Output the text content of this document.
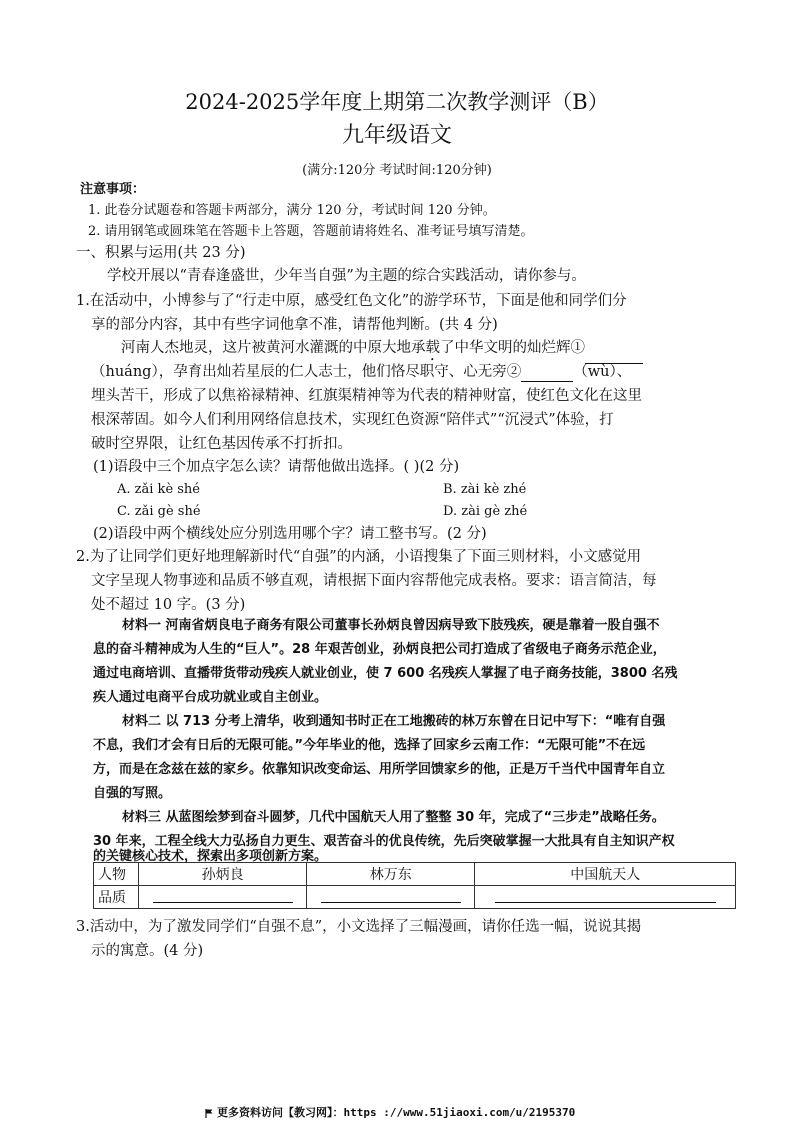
2024-2025学年度上期第二次教学测评（B）
九年级语文
(满分:120分 考试时间:120分钟)
注意事项：
1. 此卷分试题卷和答题卡两部分，满分 120 分，考试时间 120 分钟。
2. 请用钢笔或圆珠笔在答题卡上答题，答题前请将姓名、准考证号填写清楚。
一、积累与运用(共 23 分)
学校开展以“青春逢盛世，少年当自强”为主题的综合实践活动，请你参与。
1.在活动中，小博参与了“行走中原，感受红色文化”的游学环节，下面是他和同学们分
享的部分内容，其中有些字词他拿不准，请帮他判断。(共 4 分)
河南人杰地灵，这片被黄河水灌溉的中原大地承载了中华文明的灿烂辉①
（huáng），孕育出灿若星辰的仁人志士，他们恪尽职守、心无旁②	（wù）、
埋头苦干，形成了以焦裕禄精神、红旗渠精神等为代表的精神财富，使红色文化在这里
根深蒂固。如今人们利用网络信息技术，实现红色资源“陪伴式”“沉浸式”体验，打
破时空界限，让红色基因传承不打折扣。
(1)语段中三个加点字怎么读？请帮他做出选择。( )(2 分)
A. zǎi kè shé	B. zài kè zhé
C. zǎi gè shé	D. zài gè zhé
(2)语段中两个横线处应分别选用哪个字？请工整书写。(2 分)
2.为了让同学们更好地理解新时代“自强”的内涵，小语搜集了下面三则材料，小文感觉用
文字呈现人物事迹和品质不够直观，请根据下面内容帮他完成表格。要求：语言简洁，每
处不超过 10 字。(3 分)
材料一 河南省炳良电子商务有限公司董事长孙炳良曾因病导致下肢残疾，硬是靠着一股自强不
息的奋斗精神成为人生的“巨人”。28 年艰苦创业，孙炳良把公司打造成了省级电子商务示范企业，
通过电商培训、直播带货带动残疾人就业创业，使 7 600 名残疾人掌握了电子商务技能，3800 名残
疾人通过电商平台成功就业或自主创业。
材料二 以 713 分考上清华，收到通知书时正在工地搬砖的林万东曾在日记中写下：“唯有自强
不息，我们才会有日后的无限可能。”今年毕业的他，选择了回家乡云南工作：“无限可能”不在远
方，而是在念兹在兹的家乡。依靠知识改变命运、用所学回馈家乡的他，正是万千当代中国青年自立
自强的写照。
材料三 从蓝图绘梦到奋斗圆梦，几代中国航天人用了整整 30 年，完成了“三步走”战略任务。
30 年来，工程全线大力弘扬自力更生、艰苦奋斗的优良传统，先后突破掌握一大批具有自主知识产权
的关键核心技术，探索出多项创新方案。
人物	孙炳良	林万东	中国航天人
品质			
3.活动中，为了激发同学们“自强不息”，小文选择了三幅漫画，请你任选一幅，说说其揭
示的寓意。(4 分)
更多资料访问【教习网】：https ://www.51jiaoxi.com/u/2195370
